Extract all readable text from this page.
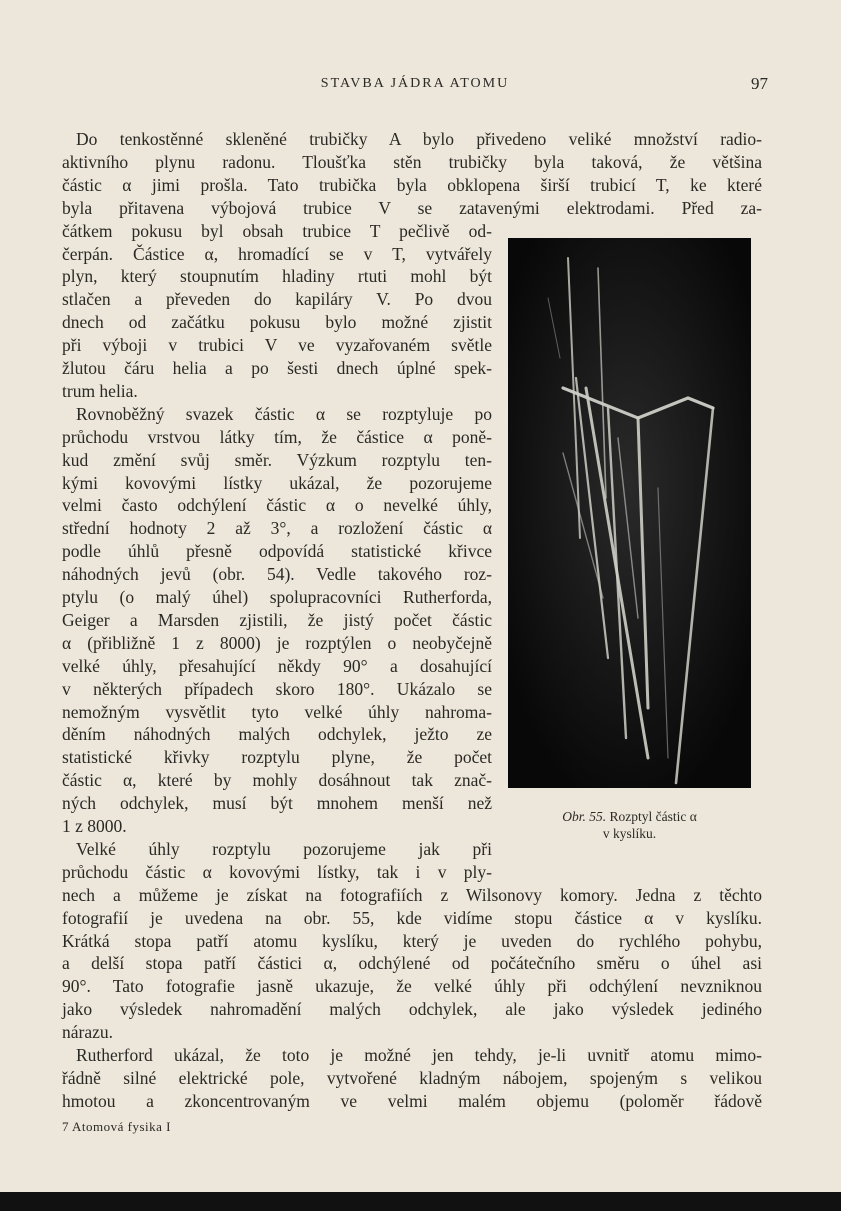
STAVBA JÁDRA ATOMU	97
Do tenkostěnné skleněné trubičky A bylo přivedeno veliké množství radio-
aktivního plynu radonu. Tloušťka stěn trubičky byla taková, že většina
částic α jimi prošla. Tato trubička byla obklopena širší trubicí T, ke které
byla přitavena výbojová trubice V se zatavenými elektrodami. Před za-
čátkem pokusu byl obsah trubice T pečlivě od-
čerpán. Částice α, hromadící se v T, vytvářely
plyn, který stoupnutím hladiny rtuti mohl být
stlačen a převeden do kapiláry V. Po dvou
dnech od začátku pokusu bylo možné zjistit
při výboji v trubici V ve vyzařovaném světle
žlutou čáru helia a po šesti dnech úplné spek-
trum helia.
Rovnoběžný svazek částic α se rozptyluje po
průchodu vrstvou látky tím, že částice α poně-
kud změní svůj směr. Výzkum rozptylu ten-
kými kovovými lístky ukázal, že pozorujeme
velmi často odchýlení částic α o nevelké úhly,
střední hodnoty 2 až 3°, a rozložení částic α
podle úhlů přesně odpovídá statistické křivce
náhodných jevů (obr. 54). Vedle takového roz-
ptylu (o malý úhel) spolupracovníci Rutherforda,
Geiger a Marsden zjistili, že jistý počet částic
α (přibližně 1 z 8000) je rozptýlen o neobyčejně
velké úhly, přesahující někdy 90° a dosahující
v některých případech skoro 180°. Ukázalo se
nemožným vysvětlit tyto velké úhly nahroma-
děním náhodných malých odchylek, ježto ze
statistické křivky rozptylu plyne, že počet
částic α, které by mohly dosáhnout tak znač-
ných odchylek, musí být mnohem menší než
1 z 8000.
Velké úhly rozptylu pozorujeme jak při
průchodu částic α kovovými lístky, tak i v ply-
nech a můžeme je získat na fotografiích z Wilsonovy komory. Jedna z těchto
fotografií je uvedena na obr. 55, kde vidíme stopu částice α v kyslíku.
Krátká stopa patří atomu kyslíku, který je uveden do rychlého pohybu,
a delší stopa patří částici α, odchýlené od počátečního směru o úhel asi
90°. Tato fotografie jasně ukazuje, že velké úhly při odchýlení nevzniknou
jako výsledek nahromadění malých odchylek, ale jako výsledek jediného
nárazu.
Rutherford ukázal, že toto je možné jen tehdy, je-li uvnitř atomu mimo-
řádně silné elektrické pole, vytvořené kladným nábojem, spojeným s velikou
hmotou a zkoncentrovaným ve velmi malém objemu (poloměr řádově
Obr. 55. Rozptyl částic α
v kyslíku.
7 Atomová fysika I
